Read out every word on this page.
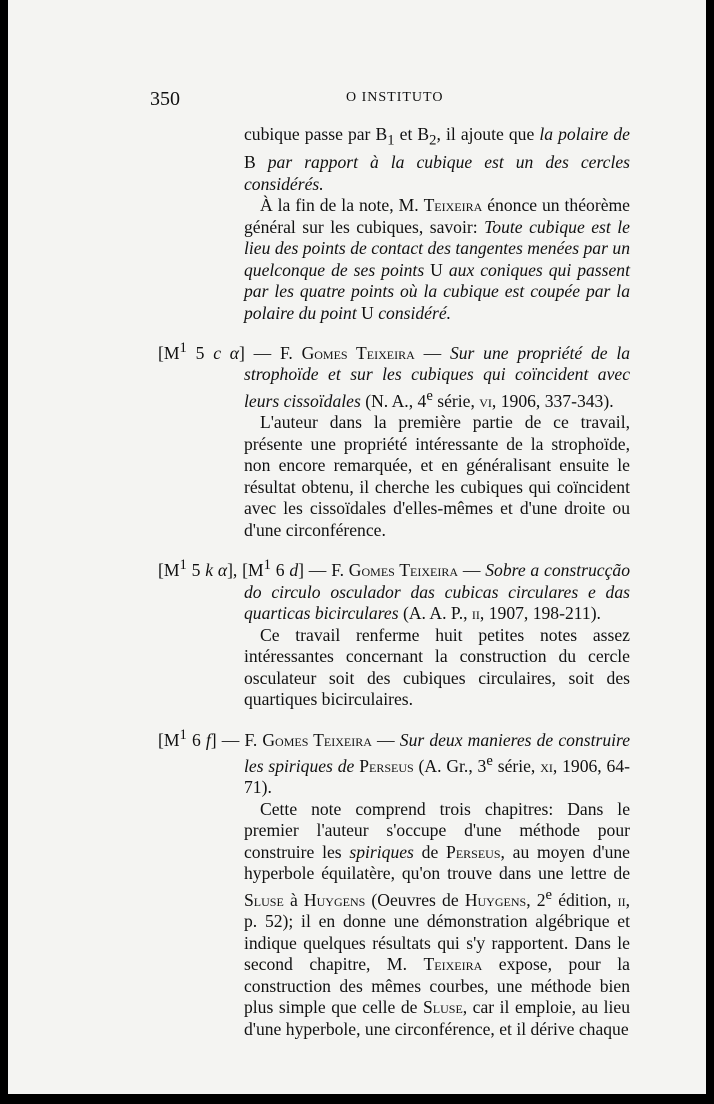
350	O INSTITUTO
cubique passe par $B_1$ et $B_2$, il ajoute que la polaire de B par rapport à la cubique est un des cercles considérés.
À la fin de la note, M. Teixeira énonce un théorème général sur les cubiques, savoir: Toute cubique est le lieu des points de contact des tangentes menées par un quelconque de ses points U aux coniques qui passent par les quatre points où la cubique est coupée par la polaire du point U considéré.
[$M^1$ 5 c α] — F. Gomes Teixeira — Sur une propriété de la strophoïde et sur les cubiques qui coïncident avec leurs cissoïdales (N. A., 4e série, vi, 1906, 337-343).
L'auteur dans la première partie de ce travail, présente une propriété intéressante de la strophoïde, non encore remarquée, et en généralisant ensuite le résultat obtenu, il cherche les cubiques qui coïncident avec les cissoïdales d'elles-mêmes et d'une droite ou d'une circonférence.
[$M^1$ 5 k α], [$M^1$ 6 d] — F. Gomes Teixeira — Sobre a construcção do circulo osculador das cubicas circulares e das quarticas bicirculares (A. A. P., ii, 1907, 198-211).
Ce travail renferme huit petites notes assez intéressantes concernant la construction du cercle osculateur soit des cubiques circulaires, soit des quartiques bicirculaires.
[$M^1$ 6 f] — F. Gomes Teixeira — Sur deux manieres de construire les spiriques de Perseus (A. Gr., 3e série, xi, 1906, 64-71).
Cette note comprend trois chapitres: Dans le premier l'auteur s'occupe d'une méthode pour construire les spiriques de Perseus, au moyen d'une hyperbole équilatère, qu'on trouve dans une lettre de Sluse à Huygens (Oeuvres de Huygens, 2e édition, ii, p. 52); il en donne une démonstration algébrique et indique quelques résultats qui s'y rapportent. Dans le second chapitre, M. Teixeira expose, pour la construction des mêmes courbes, une méthode bien plus simple que celle de Sluse, car il emploie, au lieu d'une hyperbole, une circonférence, et il dérive chaque
